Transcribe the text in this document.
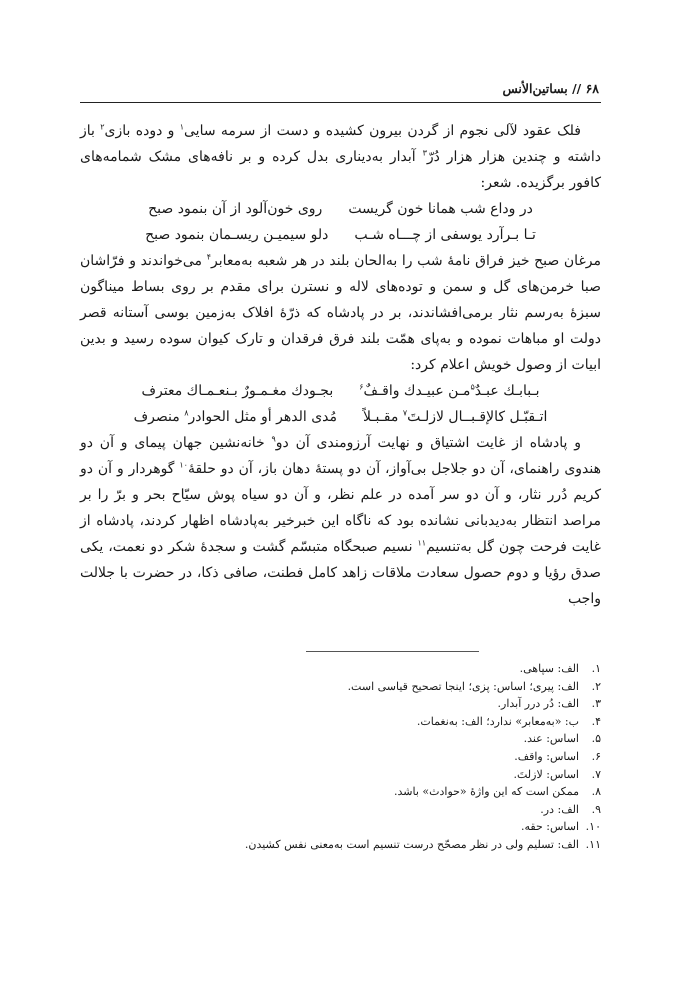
۶۸ // بساتین‌الأنس

فلک عقود لآلی نجوم از گردن بیرون کشیده و دست از سرمه سایی$^۱$ و دوده بازی$^۲$ باز داشته و چندین هزار هزار دُرّ$^۳$ آبدار به‌دیناری بدل کرده و بر نافه‌های مشک شمامه‌های کافور برگزیده. شعر:

در وداع شب همانا خون گریست
روی خون‌آلود از آن بنمود صبح
تـا بـرآرد یوسفی از چـــاه شـب
دلو سیمیـن ریسـمان بنمود صبح

مرغان صبح خیز فراق نامهٔ شب را به‌الحان بلند در هر شعبه به‌معابر$^۴$ می‌خواندند و فرّاشان صبا خرمن‌های گل و سمن و توده‌های لاله و نسترن برای مقدم بر روی بساط میناگون سبزهٔ به‌رسم نثار برمی‌افشاندند، بر در پادشاه که ذرّهٔ افلاک به‌زمین بوسی آستانه قصر دولت او مباهات نموده و به‌پای همّت بلند فرق فرقدان و تارک کیوان سوده رسید و بدین ابیات از وصول خویش اعلام کرد:

بـبابـك عبـدٌ$^۵$مـن عبیـدك واقـفٌ$^۶$
بجـودك مغـمـورٌ بـنعـمـاك معترف
اتـقبّـل کالإقـبــال لازلـتَ$^۷$ مقـبـلاً
مُدی الدهر أو مثل الحوادر$^۸$ منصرف

و پادشاه از غایت اشتیاق و نهایت آرزومندی آن دو$^۹$ خانه‌نشین جهان پیمای و آن دو هندوی راهنمای، آن دو جلاجل بی‌آواز، آن دو پستهٔ دهان باز، آن دو حلقهٔ$^{۱۰}$ گوهردار و آن دو کریم دُرر نثار، و آن دو سر آمده در علم نظر، و آن دو سیاه پوش سیّاح بحر و برّ را بر مراصد انتظار به‌دیدبانی نشانده بود که ناگاه این خبرخیر به‌پادشاه اظهار کردند، پادشاه از غایت فرحت چون گل به‌تنسیم$^{۱۱}$ نسیم صبحگاه متبسّم گشت و سجدهٔ شکر دو نعمت، یکی صدق رؤیا و دوم حصول سعادت ملاقات زاهد کامل فطنت، صافی ذکا، در حضرت با جلالت واجب

۱.
الف: سپاهی.
۲.
الف: پیری؛ اساس: پزی؛ اینجا تصحیح قیاسی است.
۳.
الف: دُر درر آبدار.
۴.
ب: «به‌معابر» ندارد؛ الف: به‌نغمات.
۵.
اساس: عند.
۶.
اساس: واقف.
۷.
اساس: لازلتَ.
۸.
ممکن است که این واژهٔ «حوادث» باشد.
۹.
الف: در.
۱۰.
اساس: حقه.
۱۱.
الف: تسلیم ولی در نظر مصحّح درست تنسیم است به‌معنی نفس کشیدن.
